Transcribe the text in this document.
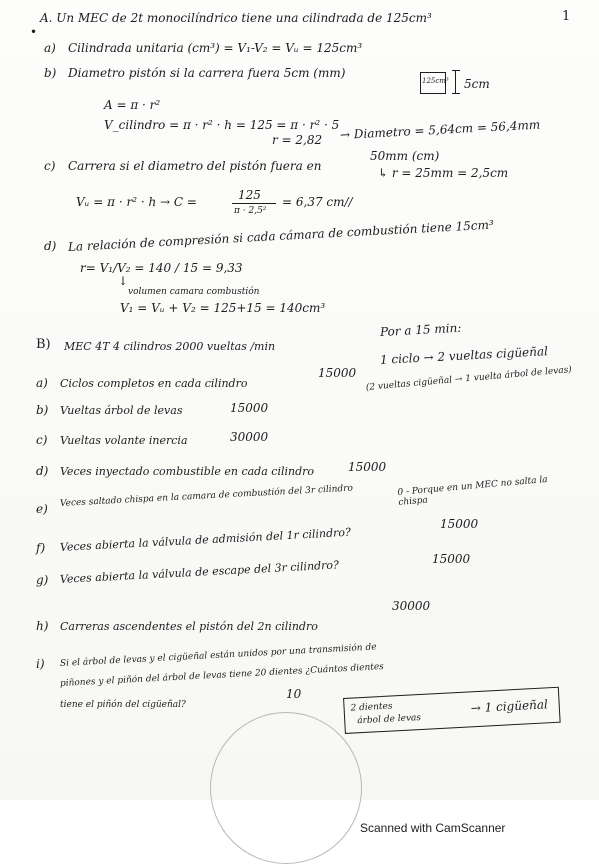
A. Un MEC de 2t monocilíndrico tiene una cilindrada de 125cm³	1
•
a) Cilindrada unitaria (cm³) = V₁-V₂ = Vᵤ = 125cm³
b) Diametro pistón si la carrera fuera 5cm (mm)
125cm³ 5cm
A = π · r²
V_cilindro = π · r² · h = 125 = π · r² · 5
r = 2,82 → Diametro = 5,64cm = 56,4mm
c) Carrera si el diametro del pistón fuera en
50mm (cm)
↳ r = 25mm = 2,5cm
Vᵤ = π · r² · h → C =	125
π · 2,5²
= 6,37 cm//
d) La relación de compresión si cada cámara de combustión tiene 15cm³
r= V₁/V₂ = 140 / 15 = 9,33
↓
volumen camara combustión
V₁ = Vᵤ + V₂ = 125+15 = 140cm³
B) MEC 4T 4 cilindros 2000 vueltas /min
Por a 15 min:
1 ciclo → 2 vueltas cigüeñal
(2 vueltas cigüeñal → 1 vuelta árbol de levas)
a) Ciclos completos en cada cilindro
15000
b) Vueltas árbol de levas	15000
c) Vueltas volante inercia	30000
d) Veces inyectado combustible en cada cilindro	15000
e)
Veces saltado chispa en la camara de combustión del 3r cilindro	0 - Porque en un MEC no salta la chispa
f) Veces abierta la válvula de admisión del 1r cilindro?
15000
g) Veces abierta la válvula de escape del 3r cilindro?	15000
h) Carreras ascendentes el pistón del 2n cilindro
30000
i) Si el árbol de levas y el cigüeñal están unidos por una transmisión de
piñones y el piñón del árbol de levas tiene 20 dientes ¿Cuántos dientes
tiene el piñón del cigüeñal?
10
2 dientes
árbol de levas
→ 1 cigüeñal
Scanned with CamScanner
